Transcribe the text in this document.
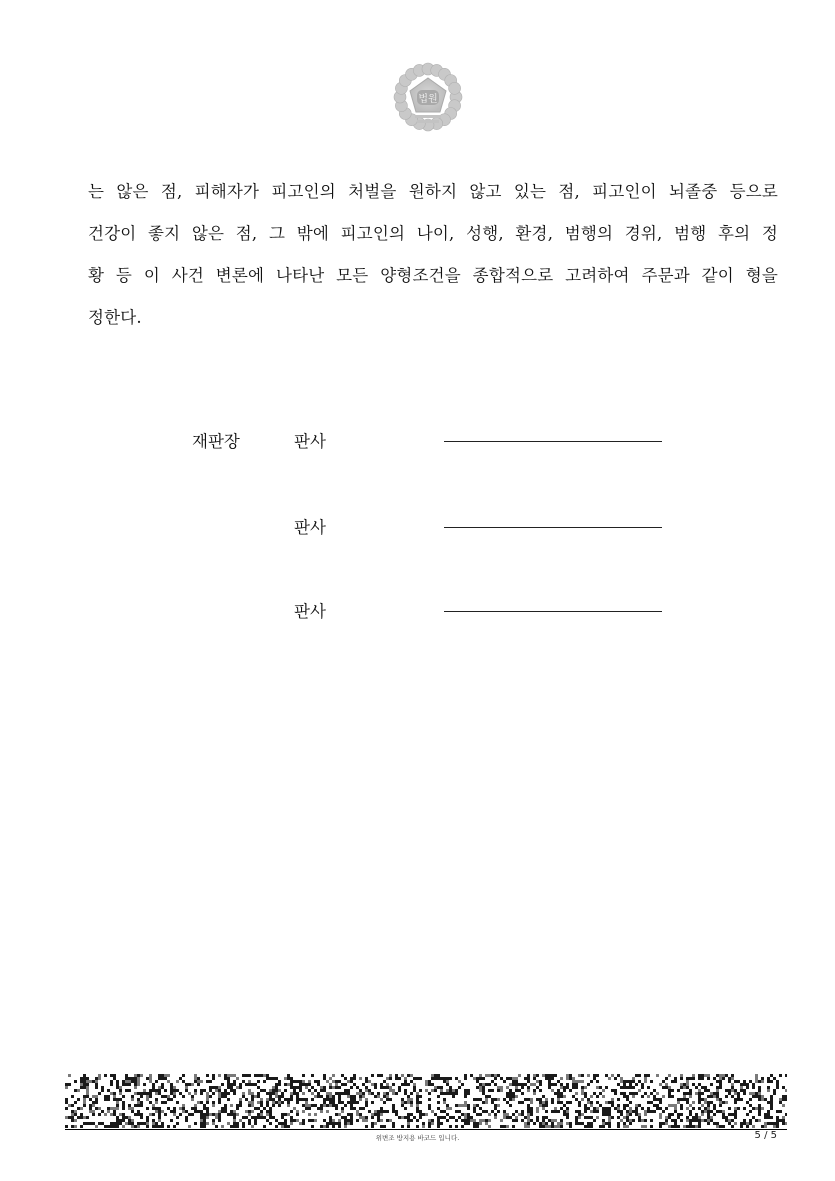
법원
는 않은 점, 피해자가 피고인의 처벌을 원하지 않고 있는 점, 피고인이 뇌졸중 등으로
건강이 좋지 않은 점, 그 밖에 피고인의 나이, 성행, 환경, 범행의 경위, 범행 후의 정
황 등 이 사건 변론에 나타난 모든 양형조건을 종합적으로 고려하여 주문과 같이 형을
정한다.
재판장	판사
판사
판사
위변조 방지용 바코드 입니다.	5 / 5
